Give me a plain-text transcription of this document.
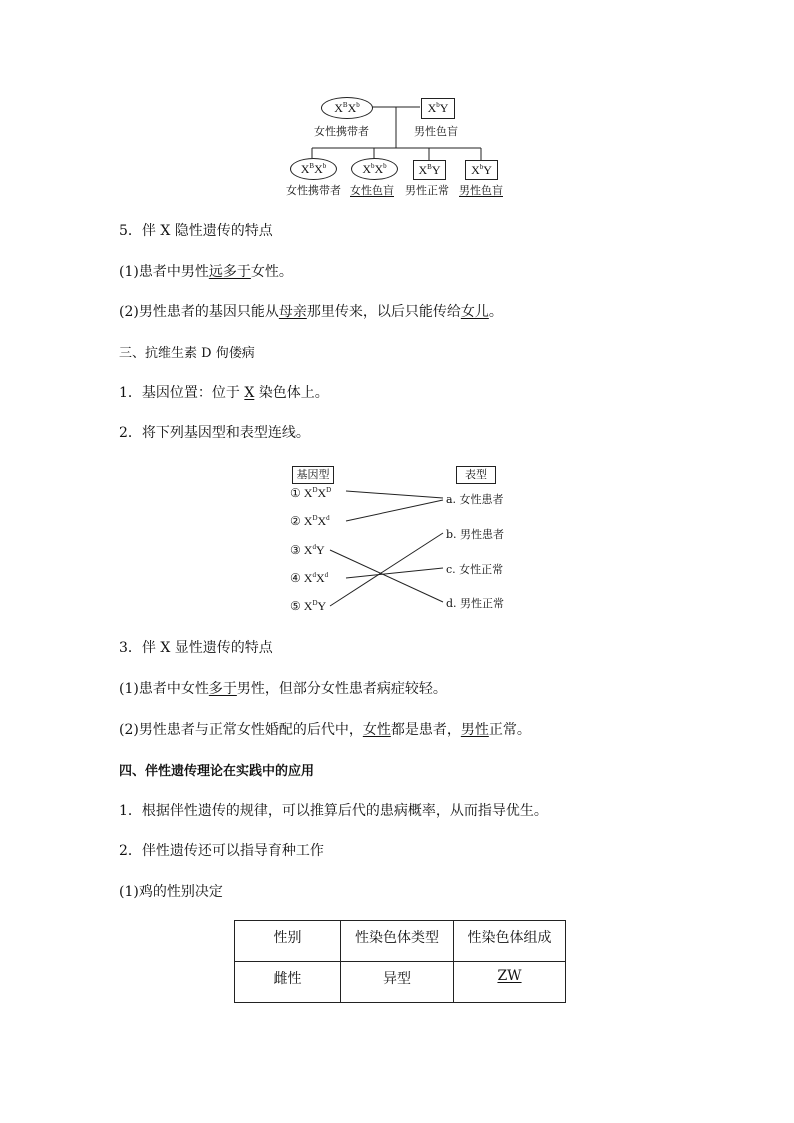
$X^BX^b$
女性携带者
$X^bY$
男性色盲
$X^BX^b$
女性携带者
$X^bX^b$
女性色盲
$X^BY$
男性正常
$X^bY$
男性色盲
5．伴 X 隐性遗传的特点
(1)患者中男性远多于女性。
(2)男性患者的基因只能从母亲那里传来，以后只能传给女儿。
三、抗维生素 D 佝偻病
1．基因位置：位于 X 染色体上。
2．将下列基因型和表型连线。
基因型	表型
① $X^DX^D$
② $X^DX^d$
③ $X^dY$
④ $X^dX^d$
⑤ $X^DY$
a. 女性患者
b. 男性患者
c. 女性正常
d. 男性正常
3．伴 X 显性遗传的特点
(1)患者中女性多于男性，但部分女性患者病症较轻。
(2)男性患者与正常女性婚配的后代中，女性都是患者，男性正常。
四、伴性遗传理论在实践中的应用
1．根据伴性遗传的规律，可以推算后代的患病概率，从而指导优生。
2．伴性遗传还可以指导育种工作
(1)鸡的性别决定
性别	性染色体类型	性染色体组成
雌性	异型	ZW
